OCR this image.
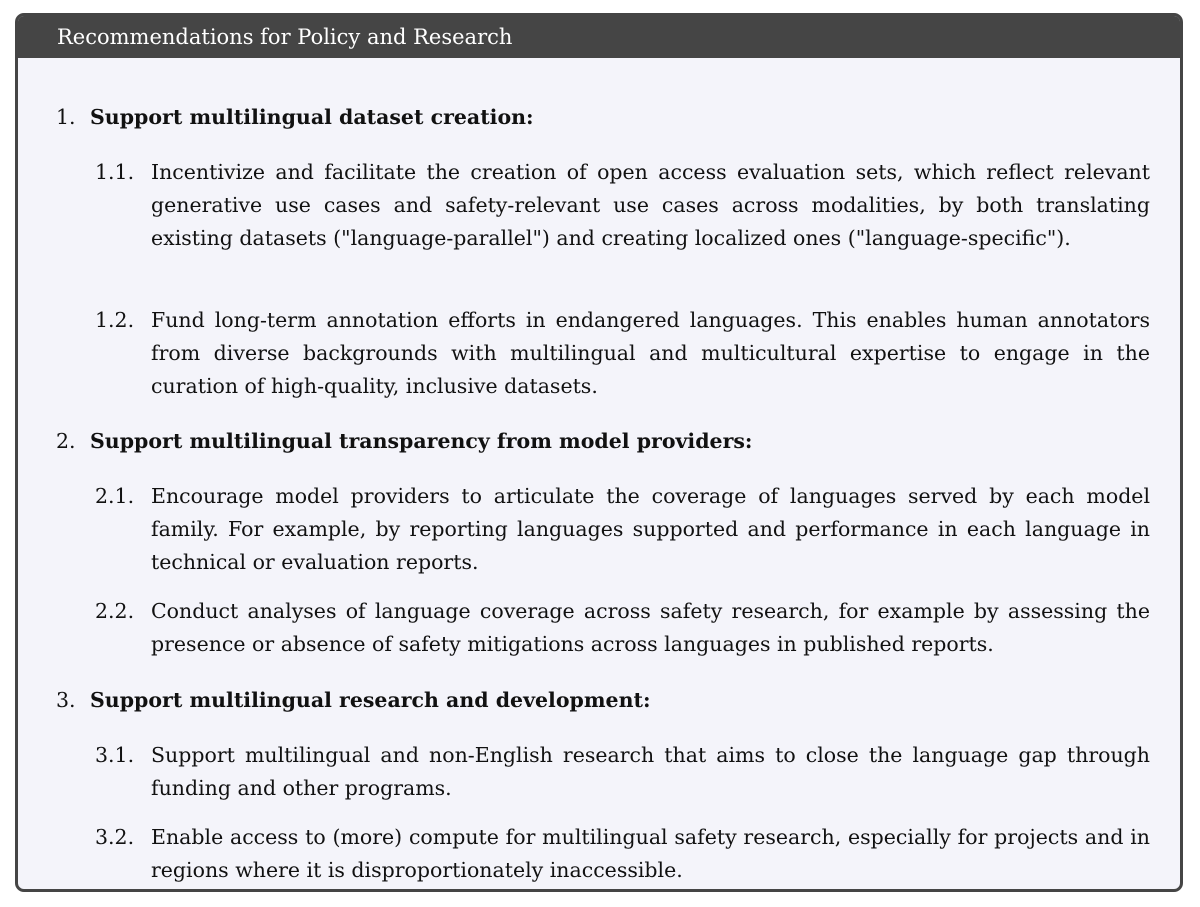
Recommendations for Policy and Research
1. Support multilingual dataset creation:
1.1. Incentivize and facilitate the creation of open access evaluation sets, which reflect relevant generative use cases and safety-relevant use cases across modalities, by both translating existing datasets ("language-parallel") and creating localized ones ("language-specific").
1.2. Fund long-term annotation efforts in endangered languages. This enables human annotators from diverse backgrounds with multilingual and multicultural expertise to engage in the curation of high-quality, inclusive datasets.
2. Support multilingual transparency from model providers:
2.1. Encourage model providers to articulate the coverage of languages served by each model family. For example, by reporting languages supported and performance in each language in technical or evaluation reports.
2.2. Conduct analyses of language coverage across safety research, for example by assessing the presence or absence of safety mitigations across languages in published reports.
3. Support multilingual research and development:
3.1. Support multilingual and non-English research that aims to close the language gap through funding and other programs.
3.2. Enable access to (more) compute for multilingual safety research, especially for projects and in regions where it is disproportionately inaccessible.
